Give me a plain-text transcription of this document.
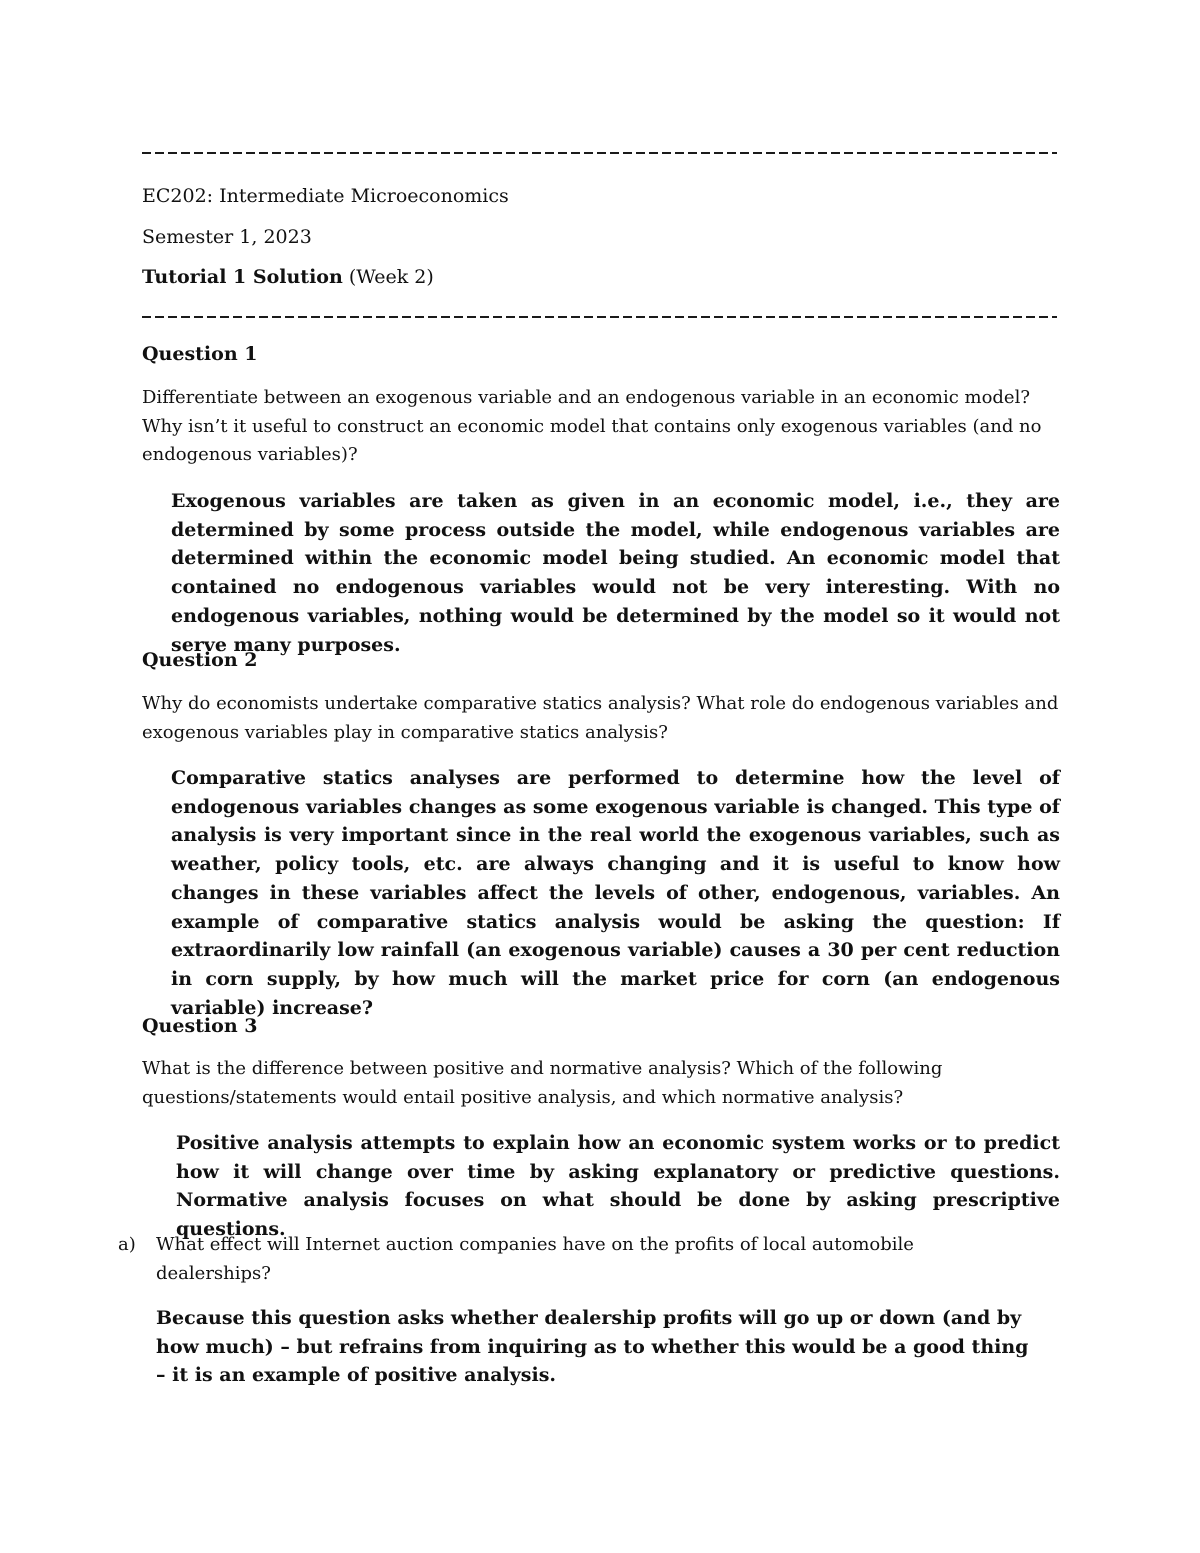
EC202: Intermediate Microeconomics

Semester 1, 2023

Tutorial 1 Solution (Week 2)

Question 1

Differentiate between an exogenous variable and an endogenous variable in an economic model? Why isn’t it useful to construct an economic model that contains only exogenous variables (and no endogenous variables)?

Exogenous variables are taken as given in an economic model, i.e., they are determined by some process outside the model, while endogenous variables are determined within the economic model being studied. An economic model that contained no endogenous variables would not be very interesting. With no endogenous variables, nothing would be determined by the model so it would not serve many purposes.

Question 2

Why do economists undertake comparative statics analysis? What role do endogenous variables and exogenous variables play in comparative statics analysis?

Comparative statics analyses are performed to determine how the level of endogenous variables changes as some exogenous variable is changed. This type of analysis is very important since in the real world the exogenous variables, such as weather, policy tools, etc. are always changing and it is useful to know how changes in these variables affect the levels of other, endogenous, variables. An example of comparative statics analysis would be asking the question: If extraordinarily low rainfall (an exogenous variable) causes a 30 per cent reduction in corn supply, by how much will the market price for corn (an endogenous variable) increase?

Question 3

What is the difference between positive and normative analysis? Which of the following questions/statements would entail positive analysis, and which normative analysis?

Positive analysis attempts to explain how an economic system works or to predict how it will change over time by asking explanatory or predictive questions. Normative analysis focuses on what should be done by asking prescriptive questions.

a) What effect will Internet auction companies have on the profits of local automobile dealerships?

Because this question asks whether dealership profits will go up or down (and by how much) – but refrains from inquiring as to whether this would be a good thing – it is an example of positive analysis.
